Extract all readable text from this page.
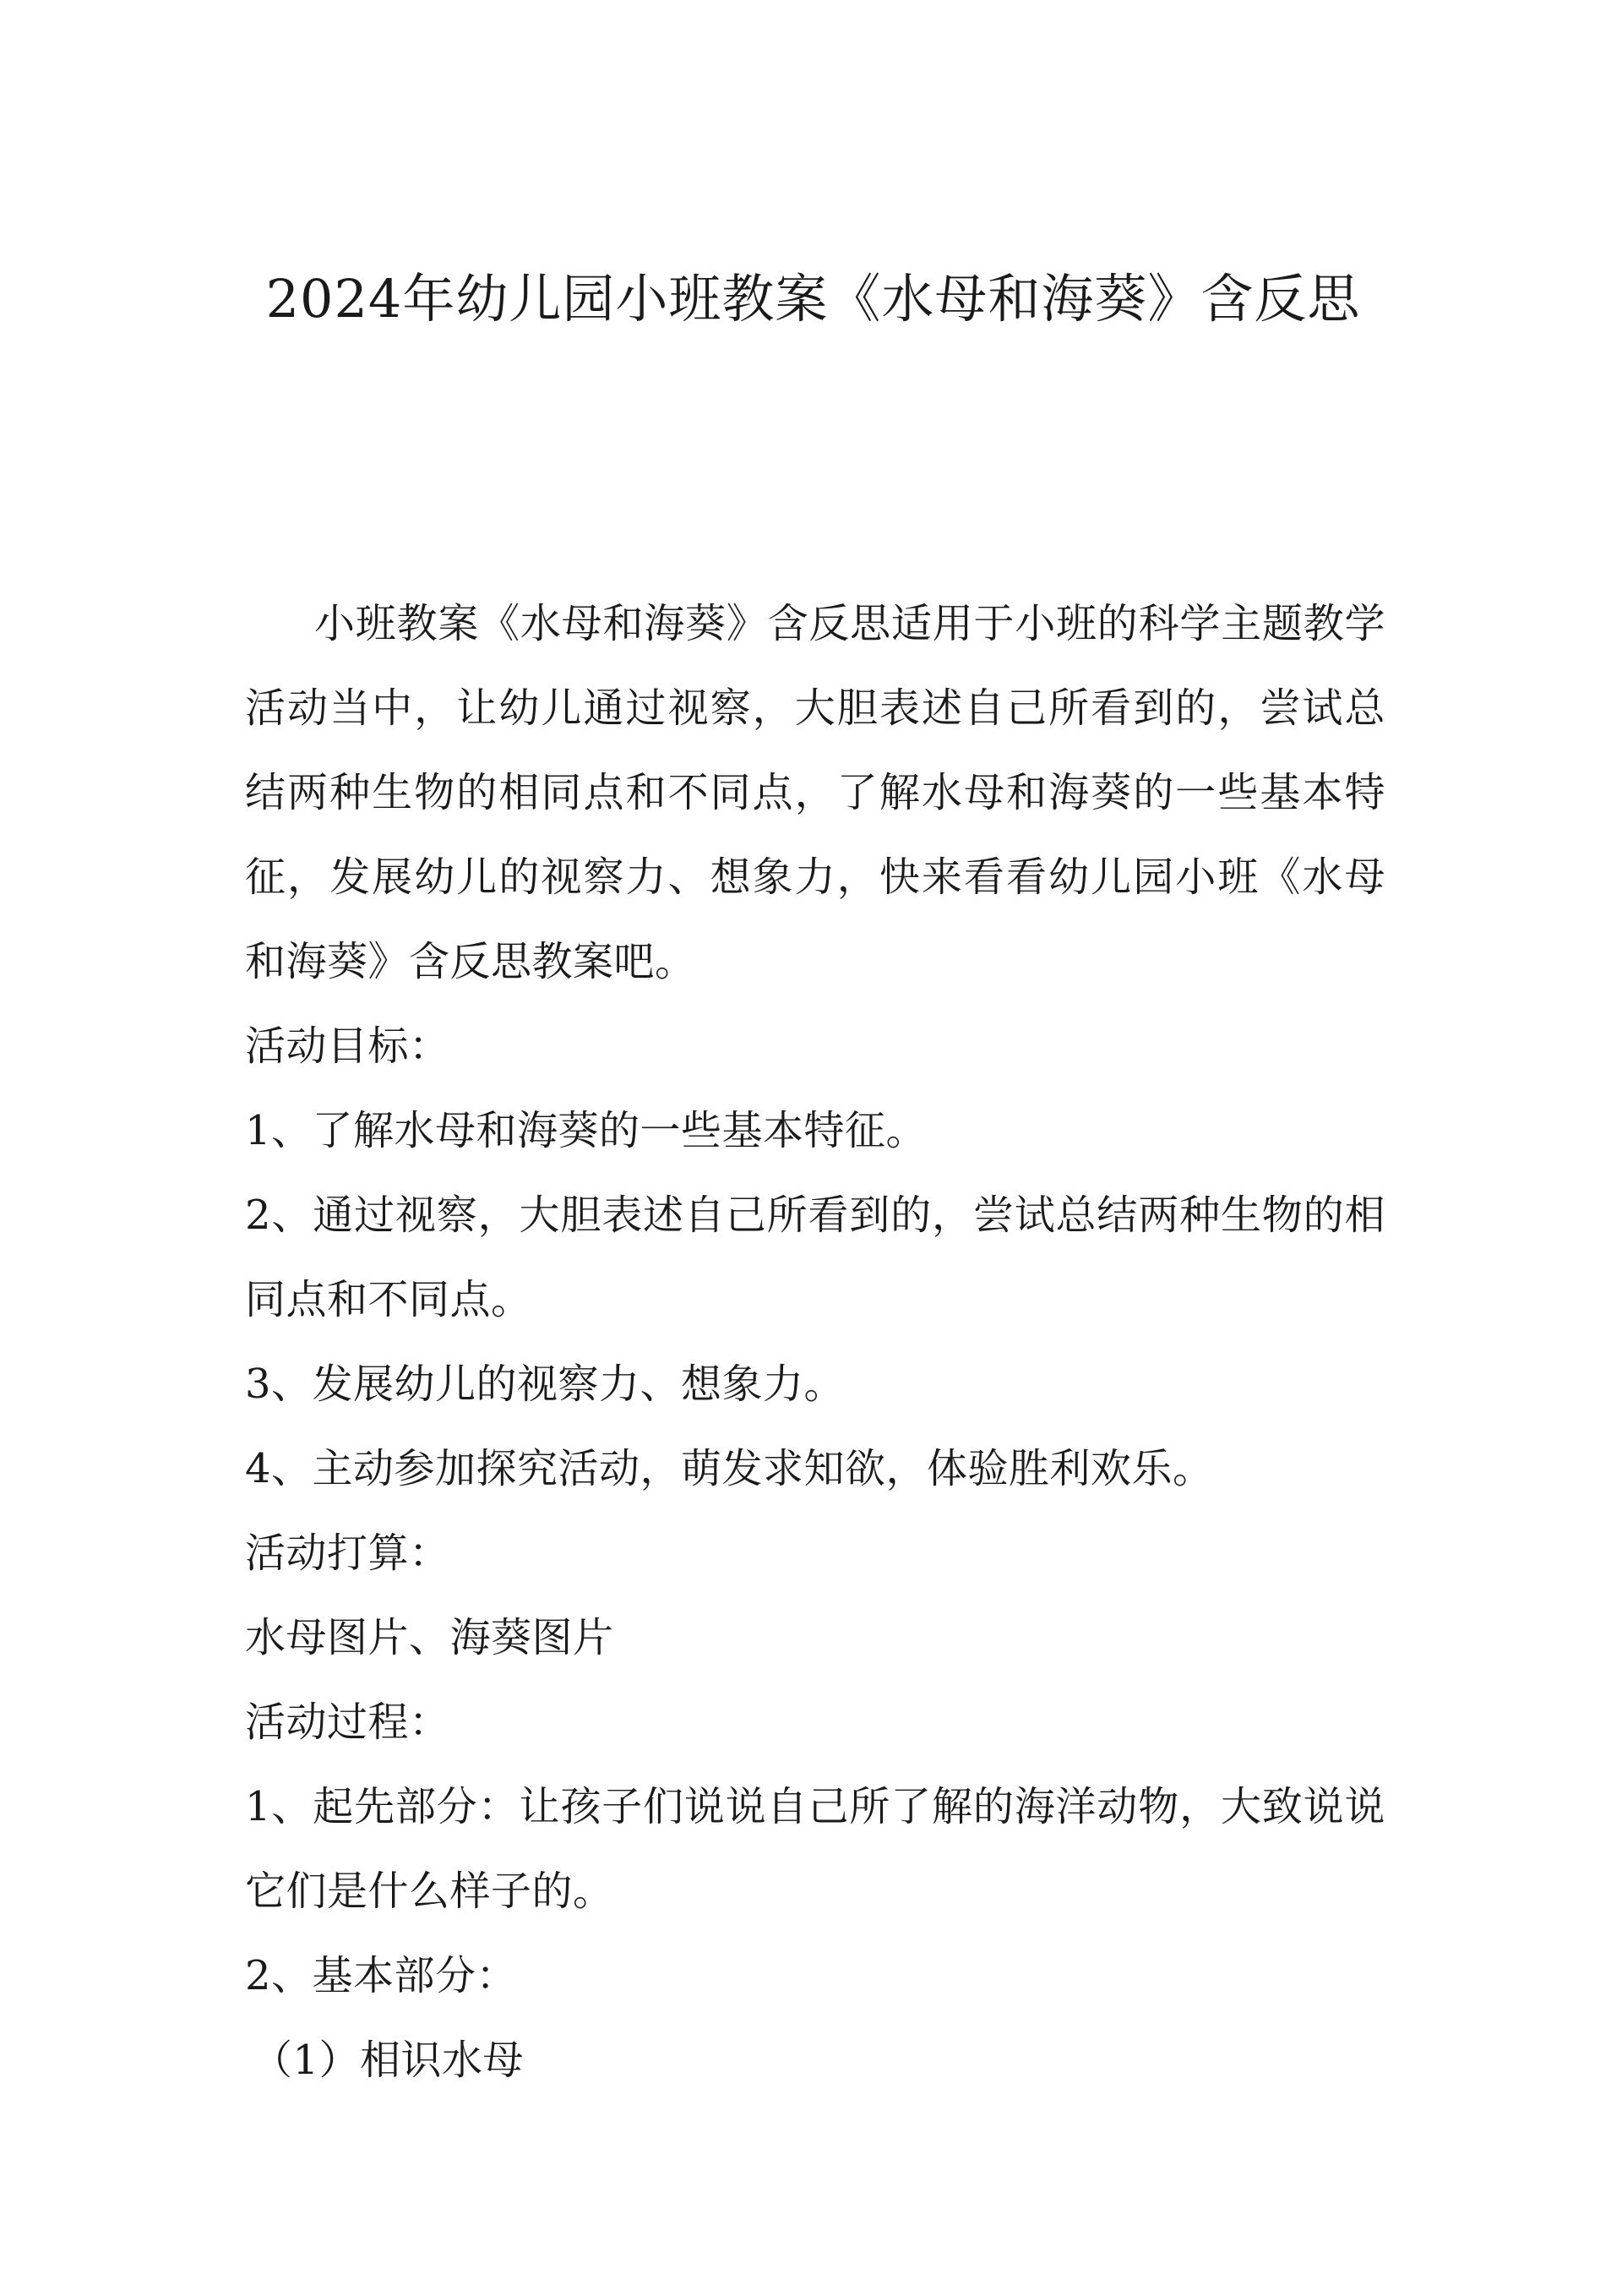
2024年幼儿园小班教案《水母和海葵》含反思

小班教案《水母和海葵》含反思适用于小班的科学主题教学活动当中，让幼儿通过视察，大胆表述自己所看到的，尝试总结两种生物的相同点和不同点，了解水母和海葵的一些基本特征，发展幼儿的视察力、想象力，快来看看幼儿园小班《水母和海葵》含反思教案吧。

活动目标：

1、了解水母和海葵的一些基本特征。

2、通过视察，大胆表述自己所看到的，尝试总结两种生物的相同点和不同点。

3、发展幼儿的视察力、想象力。

4、主动参加探究活动，萌发求知欲，体验胜利欢乐。

活动打算：

水母图片、海葵图片

活动过程：

1、起先部分：让孩子们说说自己所了解的海洋动物，大致说说它们是什么样子的。

2、基本部分：

（1）相识水母
